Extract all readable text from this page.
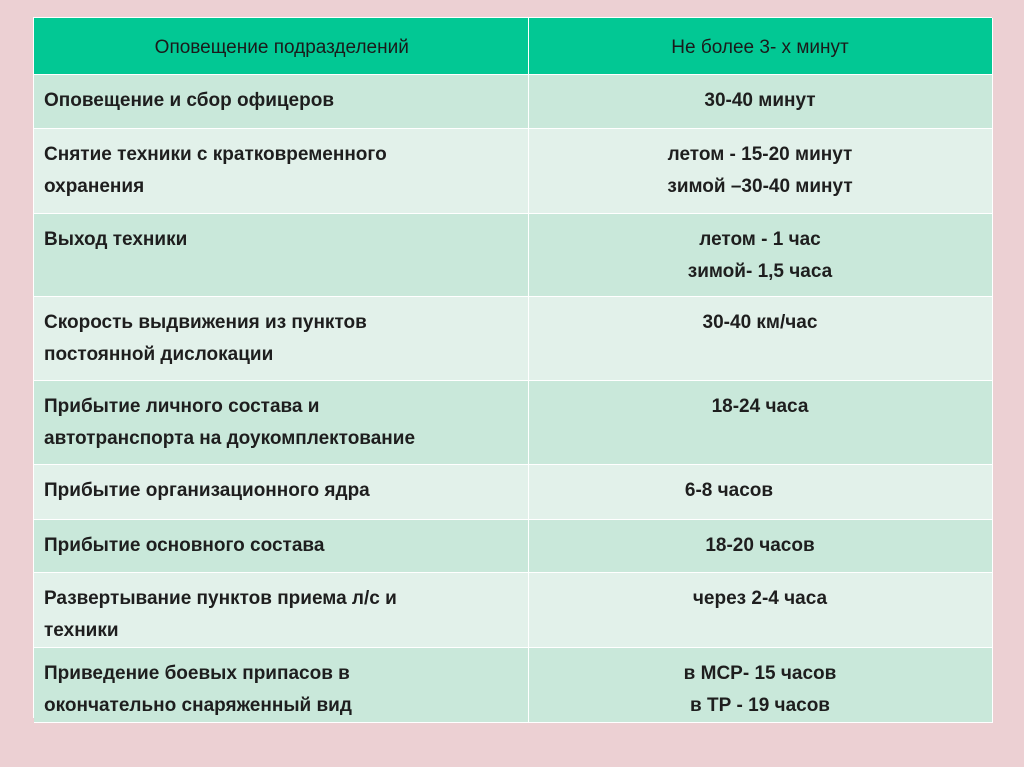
Оповещение подразделений	Не более 3- х минут

Оповещение и сбор офицеров	30-40 минут

Снятие техники с кратковременного
охранения	летом - 15-20 минут
зимой –30-40 минут

Выход техники	летом - 1 час
зимой- 1,5 часа

Скорость выдвижения из пунктов
постоянной дислокации	30-40 км/час

Прибытие личного состава и
автотранспорта на доукомплектование	18-24 часа

Прибытие организационного ядра	6-8 часов

Прибытие основного состава	18-20 часов

Развертывание пунктов приема л/с и
техники	через 2-4 часа

Приведение боевых припасов в
окончательно снаряженный вид	в МСР- 15 часов
в ТР - 19 часов
